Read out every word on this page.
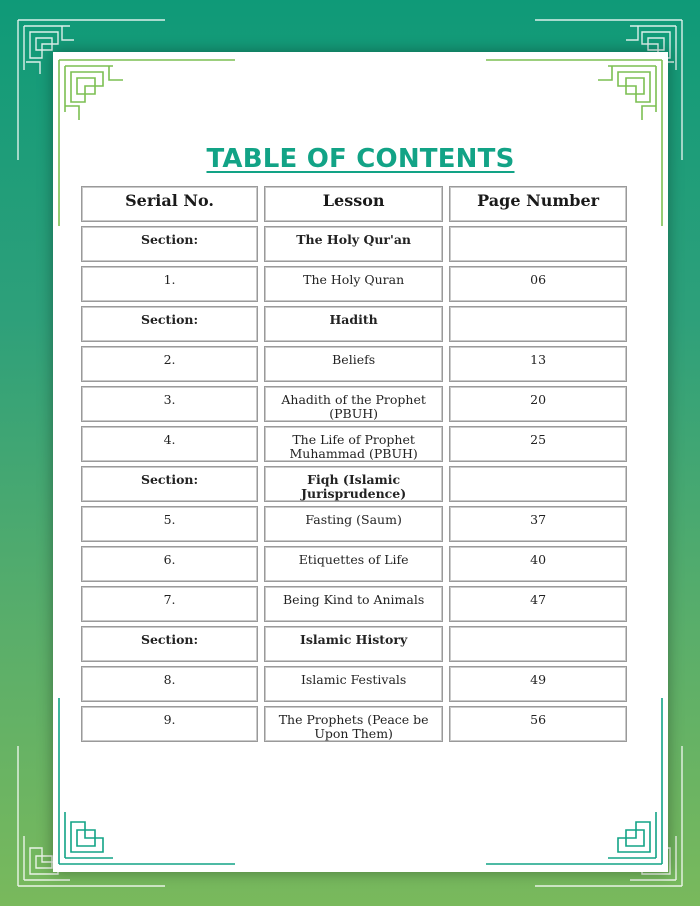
TABLE OF CONTENTS
Serial No.	Lesson	Page Number
Section:	The Holy Qur'an	
1.	The Holy Quran	06
Section:	Hadith	
2.	Beliefs	13
3.	Ahadith of the Prophet (PBUH)	20
4.	The Life of Prophet Muhammad (PBUH)	25
Section:	Fiqh (Islamic Jurisprudence)	
5.	Fasting (Saum)	37
6.	Etiquettes of Life	40
7.	Being Kind to Animals	47
Section:	Islamic History	
8.	Islamic Festivals	49
9.	The Prophets (Peace be Upon Them)	56
